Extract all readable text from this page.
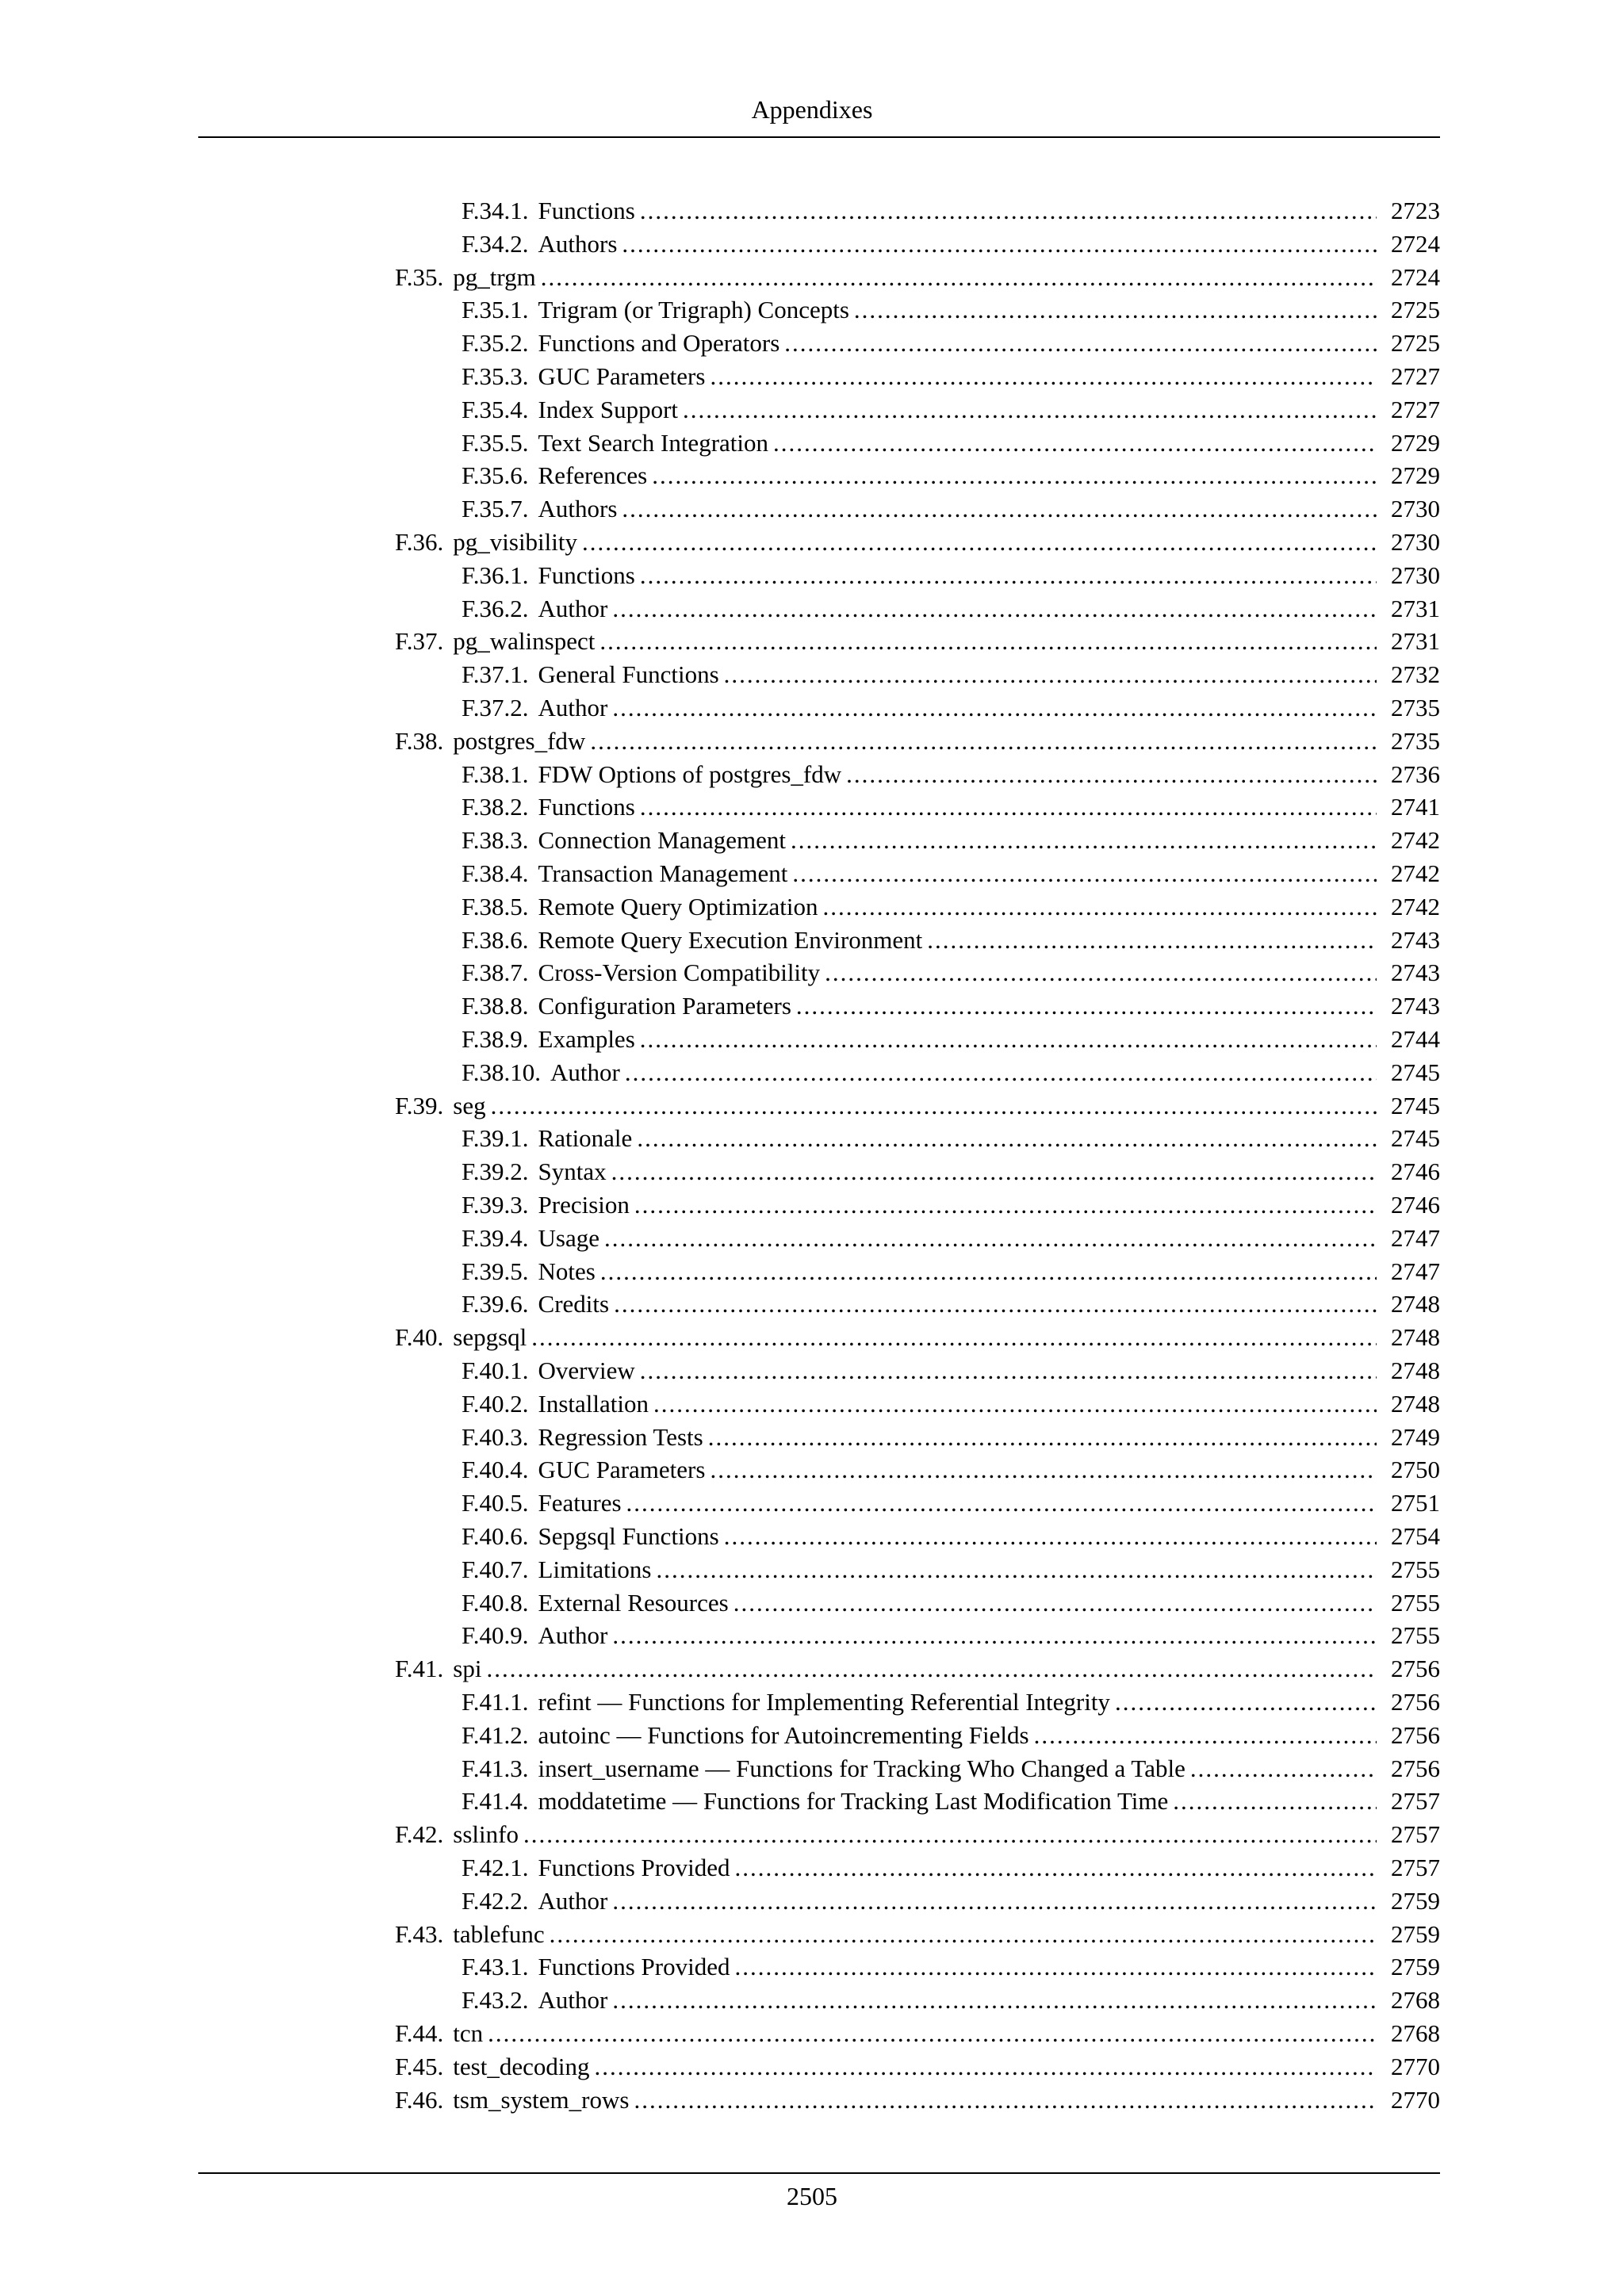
Appendixes
F.34.1. Functions .....	2723
F.34.2. Authors .....	2724
F.35. pg_trgm .....	2724
F.35.1. Trigram (or Trigraph) Concepts .....	2725
F.35.2. Functions and Operators .....	2725
F.35.3. GUC Parameters .....	2727
F.35.4. Index Support .....	2727
F.35.5. Text Search Integration .....	2729
F.35.6. References .....	2729
F.35.7. Authors .....	2730
F.36. pg_visibility .....	2730
F.36.1. Functions .....	2730
F.36.2. Author .....	2731
F.37. pg_walinspect .....	2731
F.37.1. General Functions .....	2732
F.37.2. Author .....	2735
F.38. postgres_fdw .....	2735
F.38.1. FDW Options of postgres_fdw .....	2736
F.38.2. Functions .....	2741
F.38.3. Connection Management .....	2742
F.38.4. Transaction Management .....	2742
F.38.5. Remote Query Optimization .....	2742
F.38.6. Remote Query Execution Environment .....	2743
F.38.7. Cross-Version Compatibility .....	2743
F.38.8. Configuration Parameters .....	2743
F.38.9. Examples .....	2744
F.38.10. Author .....	2745
F.39. seg .....	2745
F.39.1. Rationale .....	2745
F.39.2. Syntax .....	2746
F.39.3. Precision .....	2746
F.39.4. Usage .....	2747
F.39.5. Notes .....	2747
F.39.6. Credits .....	2748
F.40. sepgsql .....	2748
F.40.1. Overview .....	2748
F.40.2. Installation .....	2748
F.40.3. Regression Tests .....	2749
F.40.4. GUC Parameters .....	2750
F.40.5. Features .....	2751
F.40.6. Sepgsql Functions .....	2754
F.40.7. Limitations .....	2755
F.40.8. External Resources .....	2755
F.40.9. Author .....	2755
F.41. spi .....	2756
F.41.1. refint — Functions for Implementing Referential Integrity .....	2756
F.41.2. autoinc — Functions for Autoincrementing Fields .....	2756
F.41.3. insert_username — Functions for Tracking Who Changed a Table .....	2756
F.41.4. moddatetime — Functions for Tracking Last Modification Time .....	2757
F.42. sslinfo .....	2757
F.42.1. Functions Provided .....	2757
F.42.2. Author .....	2759
F.43. tablefunc .....	2759
F.43.1. Functions Provided .....	2759
F.43.2. Author .....	2768
F.44. tcn .....	2768
F.45. test_decoding .....	2770
F.46. tsm_system_rows .....	2770
2505
